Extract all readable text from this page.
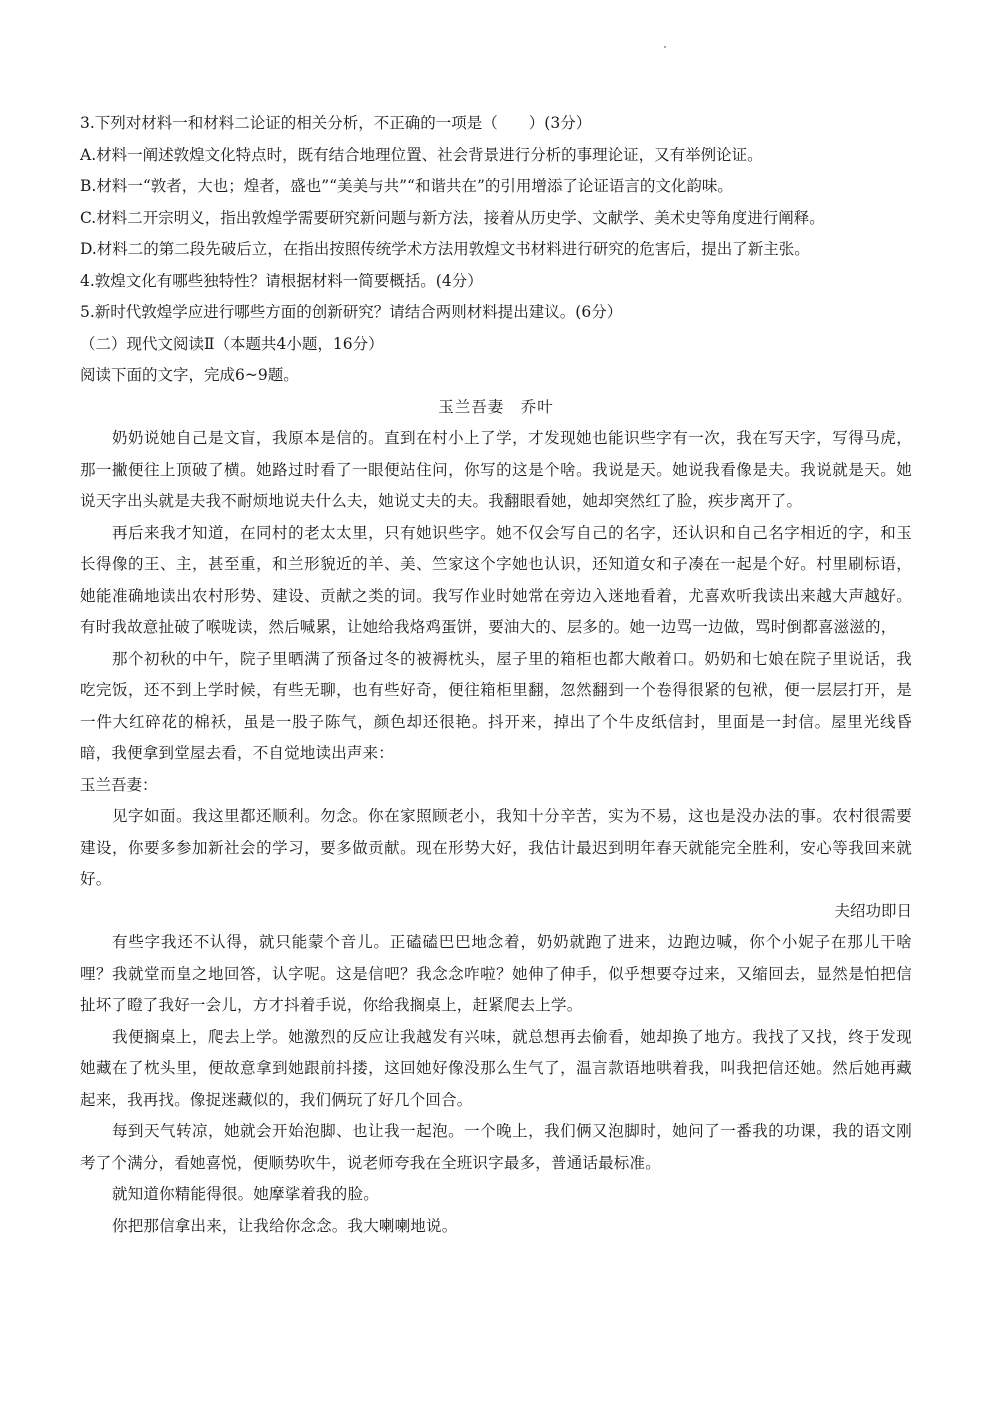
3.下列对材料一和材料二论证的相关分析，不正确的一项是（　　）(3分）

A.材料一阐述敦煌文化特点时，既有结合地理位置、社会背景进行分析的事理论证，又有举例论证。

B.材料一“敦者，大也；煌者，盛也”“美美与共”“和谐共在”的引用增添了论证语言的文化韵味。

C.材料二开宗明义，指出敦煌学需要研究新问题与新方法，接着从历史学、文献学、美术史等角度进行阐释。

D.材料二的第二段先破后立，在指出按照传统学术方法用敦煌文书材料进行研究的危害后，提出了新主张。

4.敦煌文化有哪些独特性？请根据材料一简要概括。(4分）

5.新时代敦煌学应进行哪些方面的创新研究？请结合两则材料提出建议。(6分）

（二）现代文阅读Ⅱ（本题共4小题，16分）

阅读下面的文字，完成6~9题。

玉兰吾妻　乔叶

奶奶说她自己是文盲，我原本是信的。直到在村小上了学，才发现她也能识些字有一次，我在写天字，写得马虎，那一撇便往上顶破了横。她路过时看了一眼便站住问，你写的这是个啥。我说是天。她说我看像是夫。我说就是天。她说天字出头就是夫我不耐烦地说夫什么夫，她说丈夫的夫。我翻眼看她，她却突然红了脸，疾步离开了。

再后来我才知道，在同村的老太太里，只有她识些字。她不仅会写自己的名字，还认识和自己名字相近的字，和玉长得像的王、主，甚至重，和兰形貌近的羊、美、竺家这个字她也认识，还知道女和子凑在一起是个好。村里刷标语，她能准确地读出农村形势、建设、贡献之类的词。我写作业时她常在旁边入迷地看着，尤喜欢听我读出来越大声越好。有时我故意扯破了喉咙读，然后喊累，让她给我烙鸡蛋饼，要油大的、层多的。她一边骂一边做，骂时倒都喜滋滋的，

那个初秋的中午，院子里晒满了预备过冬的被褥枕头，屋子里的箱柜也都大敞着口。奶奶和七娘在院子里说话，我吃完饭，还不到上学时候，有些无聊，也有些好奇，便往箱柜里翻，忽然翻到一个卷得很紧的包袱，便一层层打开，是一件大红碎花的棉袄，虽是一股子陈气，颜色却还很艳。抖开来，掉出了个牛皮纸信封，里面是一封信。屋里光线昏暗，我便拿到堂屋去看，不自觉地读出声来：

玉兰吾妻：

见字如面。我这里都还顺利。勿念。你在家照顾老小，我知十分辛苦，实为不易，这也是没办法的事。农村很需要建设，你要多参加新社会的学习，要多做贡献。现在形势大好，我估计最迟到明年春天就能完全胜利，安心等我回来就好。

夫绍功即日

有些字我还不认得，就只能蒙个音儿。正磕磕巴巴地念着，奶奶就跑了进来，边跑边喊，你个小妮子在那儿干啥哩？我就堂而皇之地回答，认字呢。这是信吧？我念念咋啦？她伸了伸手，似乎想要夺过来，又缩回去，显然是怕把信扯坏了瞪了我好一会儿，方才抖着手说，你给我搁桌上，赶紧爬去上学。

我便搁桌上，爬去上学。她激烈的反应让我越发有兴味，就总想再去偷看，她却换了地方。我找了又找，终于发现她藏在了枕头里，便故意拿到她跟前抖搂，这回她好像没那么生气了，温言款语地哄着我，叫我把信还她。然后她再藏起来，我再找。像捉迷藏似的，我们俩玩了好几个回合。

每到天气转凉，她就会开始泡脚、也让我一起泡。一个晚上，我们俩又泡脚时，她问了一番我的功课，我的语文刚考了个满分，看她喜悦，便顺势吹牛，说老师夸我在全班识字最多，普通话最标准。

就知道你精能得很。她摩挲着我的脸。

你把那信拿出来，让我给你念念。我大喇喇地说。
